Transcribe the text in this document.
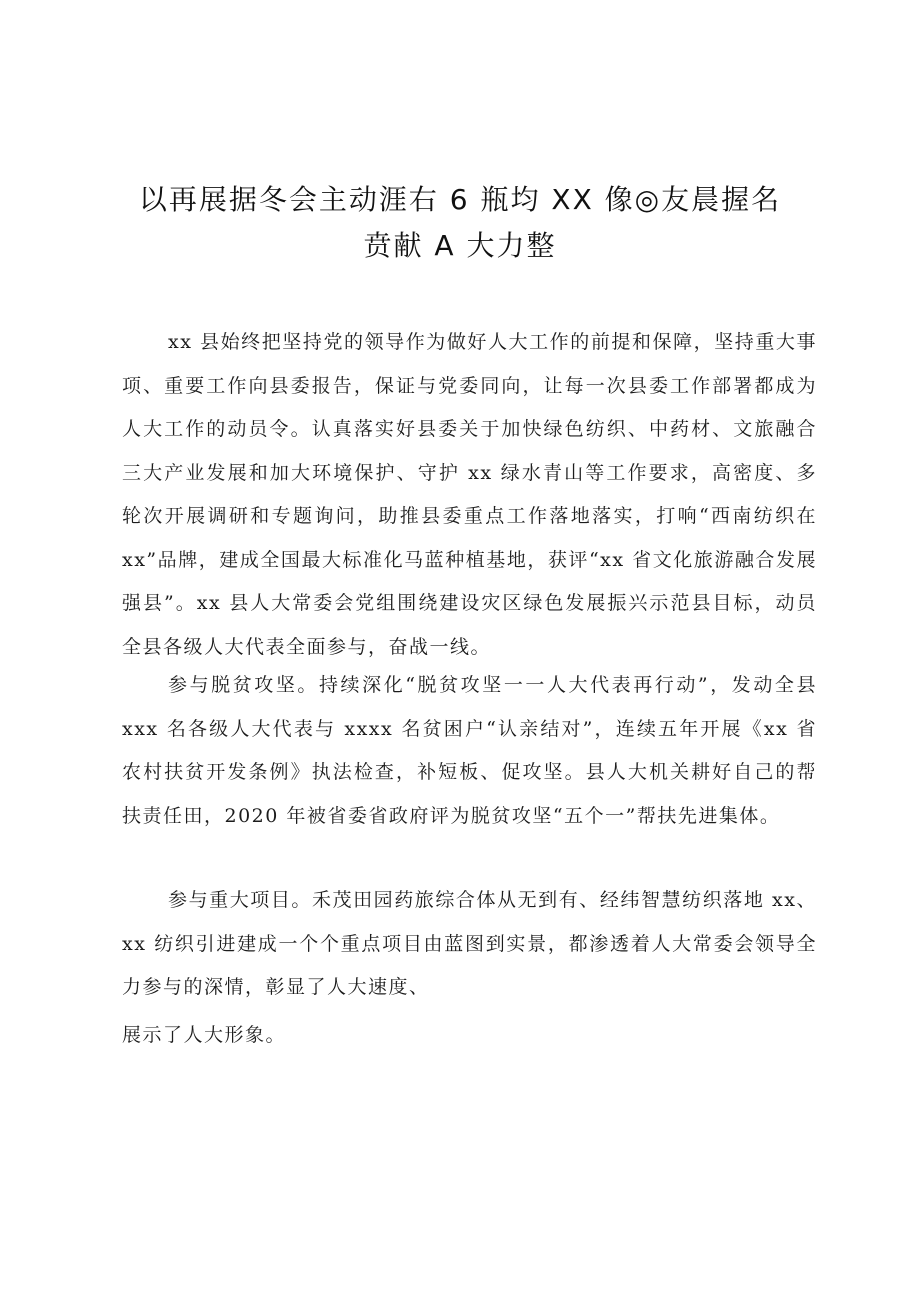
以再展据冬会主动涯右 6 瓶均 XX 像◎友晨握名
贲献 A 大力整
xx 县始终把坚持党的领导作为做好人大工作的前提和保障，坚持重大事项、重要工作向县委报告，保证与党委同向，让每一次县委工作部署都成为人大工作的动员令。认真落实好县委关于加快绿色纺织、中药材、文旅融合三大产业发展和加大环境保护、守护 xx 绿水青山等工作要求，高密度、多轮次开展调研和专题询问，助推县委重点工作落地落实，打响“西南纺织在 xx”品牌，建成全国最大标准化马蓝种植基地，获评“xx 省文化旅游融合发展强县”。xx 县人大常委会党组围绕建设灾区绿色发展振兴示范县目标，动员全县各级人大代表全面参与，奋战一线。
参与脱贫攻坚。持续深化“脱贫攻坚一一人大代表再行动”，发动全县 xxx 名各级人大代表与 xxxx 名贫困户“认亲结对”，连续五年开展《xx 省农村扶贫开发条例》执法检查，补短板、促攻坚。县人大机关耕好自己的帮扶责任田，2020 年被省委省政府评为脱贫攻坚“五个一”帮扶先进集体。
参与重大项目。禾茂田园药旅综合体从无到有、经纬智慧纺织落地 xx、xx 纺织引进建成一个个重点项目由蓝图到实景，都渗透着人大常委会领导全力参与的深情，彰显了人大速度、
展示了人大形象。
